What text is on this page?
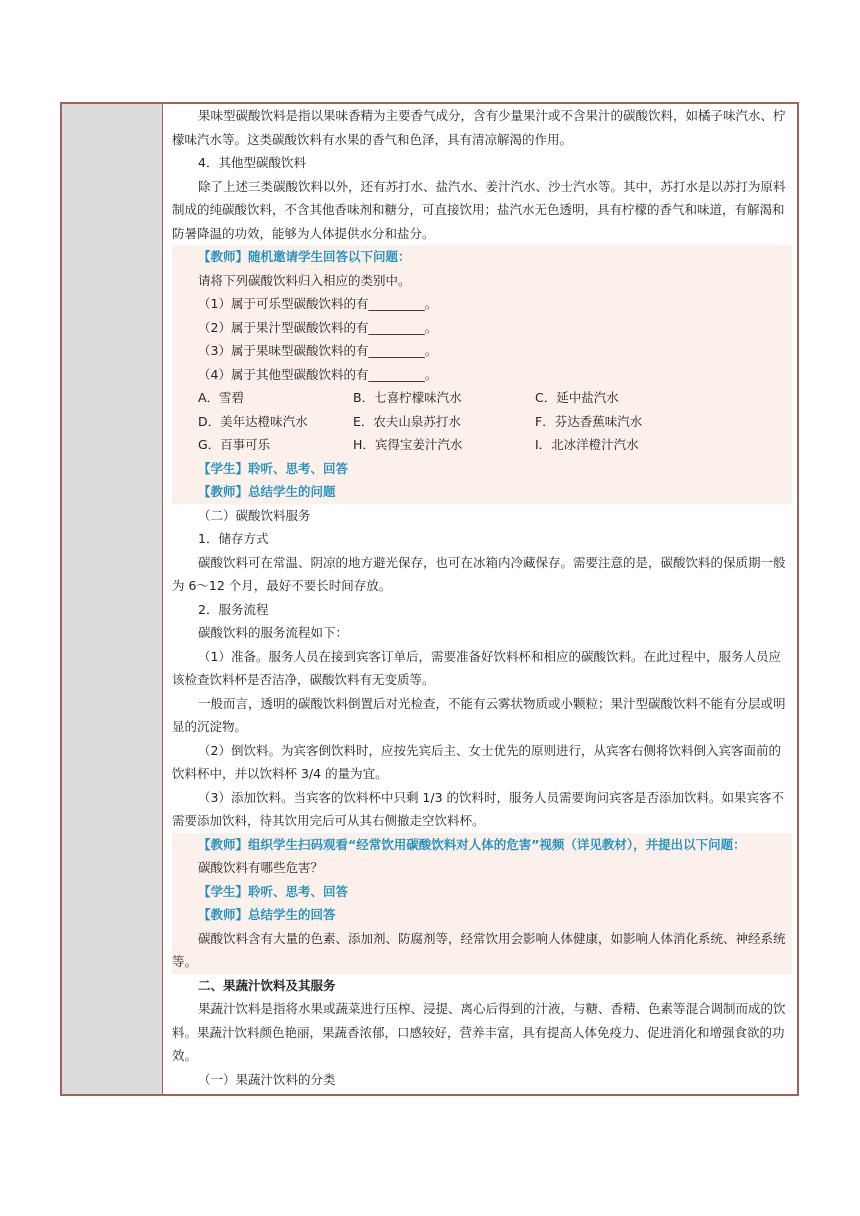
果味型碳酸饮料是指以果味香精为主要香气成分，含有少量果汁或不含果汁的碳酸饮料，如橘子味汽水、柠檬味汽水等。这类碳酸饮料有水果的香气和色泽，具有清凉解渴的作用。

4．其他型碳酸饮料

除了上述三类碳酸饮料以外，还有苏打水、盐汽水、姜汁汽水、沙士汽水等。其中，苏打水是以苏打为原料制成的纯碳酸饮料，不含其他香味剂和糖分，可直接饮用；盐汽水无色透明，具有柠檬的香气和味道，有解渴和防暑降温的功效，能够为人体提供水分和盐分。

【教师】随机邀请学生回答以下问题：

请将下列碳酸饮料归入相应的类别中。

（1）属于可乐型碳酸饮料的有_________。

（2）属于果汁型碳酸饮料的有_________。

（3）属于果味型碳酸饮料的有_________。

（4）属于其他型碳酸饮料的有_________。

A．雪碧	B．七喜柠檬味汽水	C．延中盐汽水
D．美年达橙味汽水	E．农夫山泉苏打水	F．芬达香蕉味汽水
G．百事可乐	H．宾得宝姜汁汽水	I．北冰洋橙汁汽水

【学生】聆听、思考、回答

【教师】总结学生的问题

（二）碳酸饮料服务

1．储存方式

碳酸饮料可在常温、阴凉的地方避光保存，也可在冰箱内冷藏保存。需要注意的是，碳酸饮料的保质期一般为 6～12 个月，最好不要长时间存放。

2．服务流程

碳酸饮料的服务流程如下：

（1）准备。服务人员在接到宾客订单后，需要准备好饮料杯和相应的碳酸饮料。在此过程中，服务人员应该检查饮料杯是否洁净，碳酸饮料有无变质等。

一般而言，透明的碳酸饮料倒置后对光检查，不能有云雾状物质或小颗粒；果汁型碳酸饮料不能有分层或明显的沉淀物。

（2）倒饮料。为宾客倒饮料时，应按先宾后主、女士优先的原则进行，从宾客右侧将饮料倒入宾客面前的饮料杯中，并以饮料杯 3/4 的量为宜。

（3）添加饮料。当宾客的饮料杯中只剩 1/3 的饮料时，服务人员需要询问宾客是否添加饮料。如果宾客不需要添加饮料，待其饮用完后可从其右侧撤走空饮料杯。

【教师】组织学生扫码观看“经常饮用碳酸饮料对人体的危害”视频（详见教材），并提出以下问题：

碳酸饮料有哪些危害？

【学生】聆听、思考、回答

【教师】总结学生的回答

碳酸饮料含有大量的色素、添加剂、防腐剂等，经常饮用会影响人体健康，如影响人体消化系统、神经系统等。

二、果蔬汁饮料及其服务

果蔬汁饮料是指将水果或蔬菜进行压榨、浸提、离心后得到的汁液，与糖、香精、色素等混合调制而成的饮料。果蔬汁饮料颜色艳丽，果蔬香浓郁，口感较好，营养丰富，具有提高人体免疫力、促进消化和增强食欲的功效。

（一）果蔬汁饮料的分类
